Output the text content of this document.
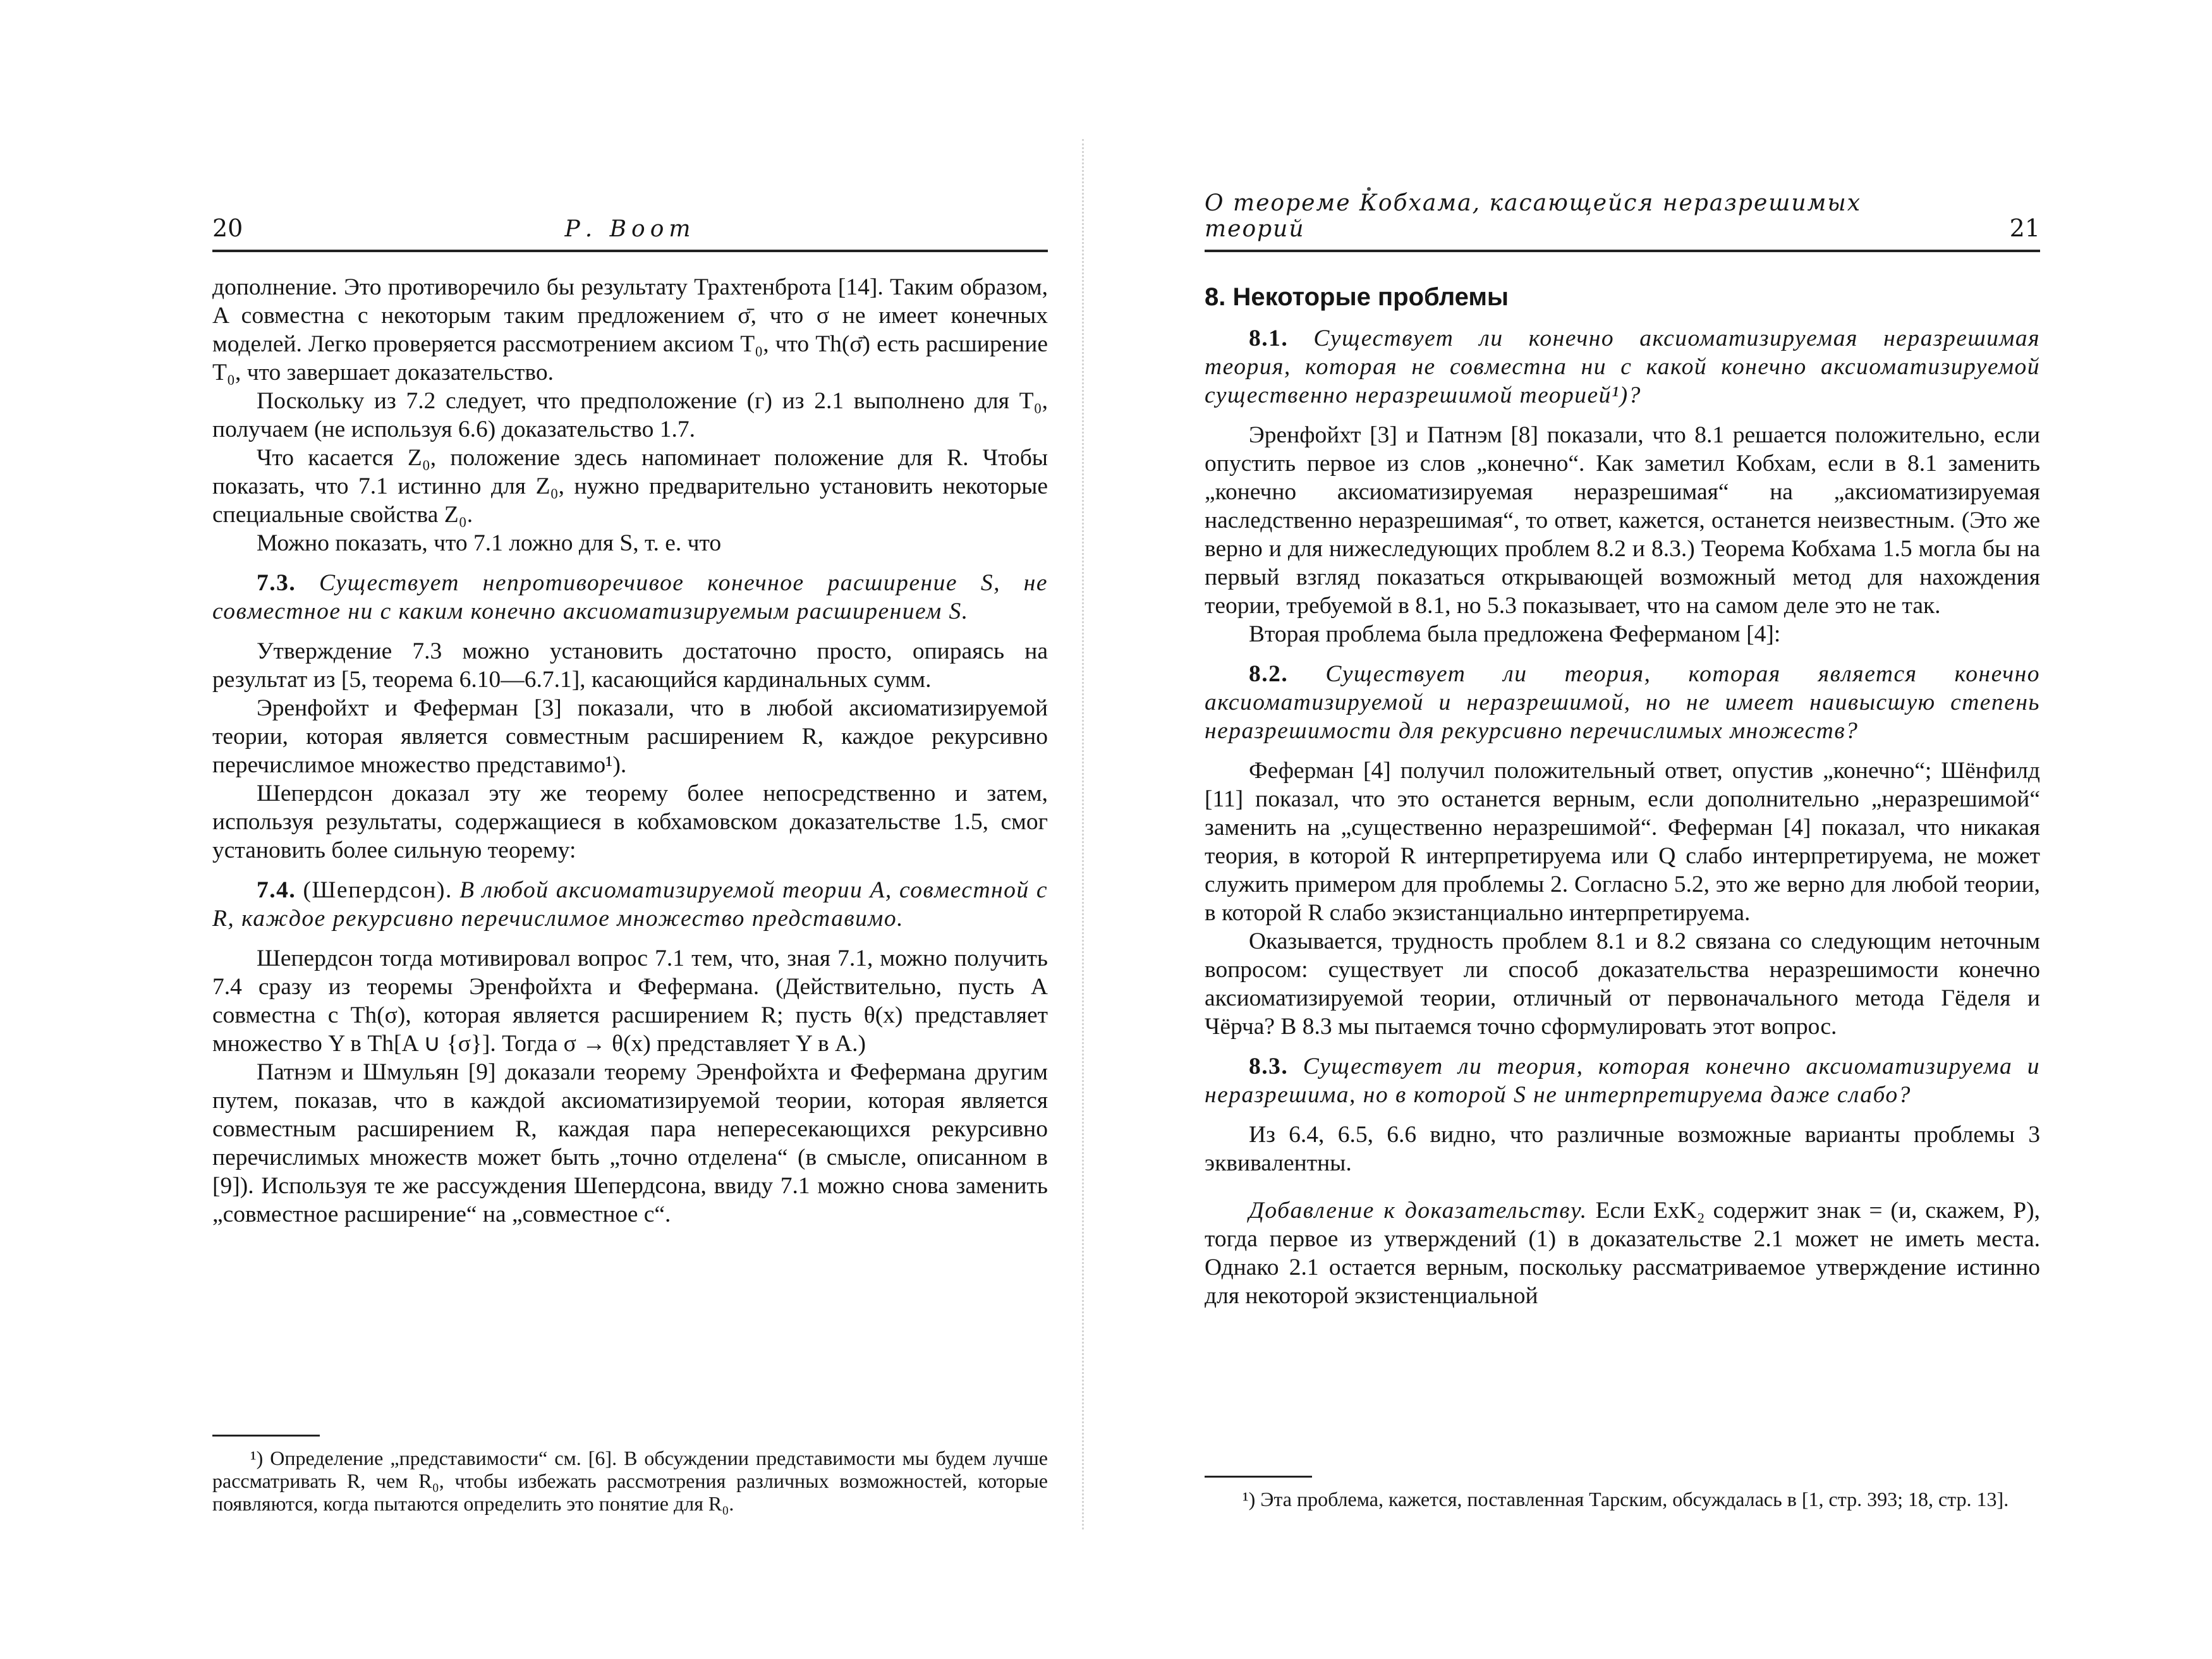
20	Р. Воот

дополнение. Это противоречило бы результату Трахтенброта [14]. Таким образом, A совместна с некоторым таким предложением σ̄, что σ не имеет конечных моделей. Легко проверяется рассмотрением аксиом T₀, что Th(σ̄) есть расширение T₀, что завершает доказательство.

Поскольку из 7.2 следует, что предположение (г) из 2.1 выполнено для T₀, получаем (не используя 6.6) доказательство 1.7.

Что касается Z₀, положение здесь напоминает положение для R. Чтобы показать, что 7.1 истинно для Z₀, нужно предварительно установить некоторые специальные свойства Z₀.

Можно показать, что 7.1 ложно для S, т. е. что

7.3. Существует непротиворечивое конечное расширение S, не совместное ни с каким конечно аксиоматизируемым расширением S.

Утверждение 7.3 можно установить достаточно просто, опираясь на результат из [5, теорема 6.10—6.7.1], касающийся кардинальных сумм.

Эренфойхт и Феферман [3] показали, что в любой аксиоматизируемой теории, которая является совместным расширением R, каждое рекурсивно перечислимое множество представимо¹).

Шепердсон доказал эту же теорему более непосредственно и затем, используя результаты, содержащиеся в кобхамовском доказательстве 1.5, смог установить более сильную теорему:

7.4. (Шепердсон). В любой аксиоматизируемой теории A, совместной с R, каждое рекурсивно перечислимое множество представимо.

Шепердсон тогда мотивировал вопрос 7.1 тем, что, зная 7.1, можно получить 7.4 сразу из теоремы Эренфойхта и Фефермана. (Действительно, пусть A совместна с Th(σ), которая является расширением R; пусть θ(x) представляет множество Y в Th[A ∪ {σ}]. Тогда σ → θ(x) представляет Y в A.)

Патнэм и Шмульян [9] доказали теорему Эренфойхта и Фефермана другим путем, показав, что в каждой аксиоматизируемой теории, которая является совместным расширением R, каждая пара непересекающихся рекурсивно перечислимых множеств может быть „точно отделена“ (в смысле, описанном в [9]). Используя те же рассуждения Шепердсона, ввиду 7.1 можно снова заменить „совместное расширение“ на „совместное с“.

¹) Определение „представимости“ см. [6]. В обсуждении представимости мы будем лучше рассматривать R, чем R₀, чтобы избежать рассмотрения различных возможностей, которые появляются, когда пытаются определить это понятие для R₀.

О теореме Кобхама, касающейся неразрешимых теорий	21
8. Некоторые проблемы

8.1. Существует ли конечно аксиоматизируемая неразрешимая теория, которая не совместна ни с какой конечно аксиоматизируемой существенно неразрешимой теорией¹)?

Эренфойхт [3] и Патнэм [8] показали, что 8.1 решается положительно, если опустить первое из слов „конечно“. Как заметил Кобхам, если в 8.1 заменить „конечно аксиоматизируемая неразрешимая“ на „аксиоматизируемая наследственно неразрешимая“, то ответ, кажется, останется неизвестным. (Это же верно и для нижеследующих проблем 8.2 и 8.3.) Теорема Кобхама 1.5 могла бы на первый взгляд показаться открывающей возможный метод для нахождения теории, требуемой в 8.1, но 5.3 показывает, что на самом деле это не так.

Вторая проблема была предложена Феферманом [4]:

8.2. Существует ли теория, которая является конечно аксиоматизируемой и неразрешимой, но не имеет наивысшую степень неразрешимости для рекурсивно перечислимых множеств?

Феферман [4] получил положительный ответ, опустив „конечно“; Шёнфилд [11] показал, что это останется верным, если дополнительно „неразрешимой“ заменить на „существенно неразрешимой“. Феферман [4] показал, что никакая теория, в которой R интерпретируема или Q слабо интерпретируема, не может служить примером для проблемы 2. Согласно 5.2, это же верно для любой теории, в которой R слабо экзистанциально интерпретируема.

Оказывается, трудность проблем 8.1 и 8.2 связана со следующим неточным вопросом: существует ли способ доказательства неразрешимости конечно аксиоматизируемой теории, отличный от первоначального метода Гёделя и Чёрча? В 8.3 мы пытаемся точно сформулировать этот вопрос.

8.3. Существует ли теория, которая конечно аксиоматизируема и неразрешима, но в которой S не интерпретируема даже слабо?

Из 6.4, 6.5, 6.6 видно, что различные возможные варианты проблемы 3 эквивалентны.

Добавление к доказательству. Если ExK₂ содержит знак = (и, скажем, P), тогда первое из утверждений (1) в доказательстве 2.1 может не иметь места. Однако 2.1 остается верным, поскольку рассматриваемое утверждение истинно для некоторой экзистенциальной

¹) Эта проблема, кажется, поставленная Тарским, обсуждалась в [1, стр. 393; 18, стр. 13].
